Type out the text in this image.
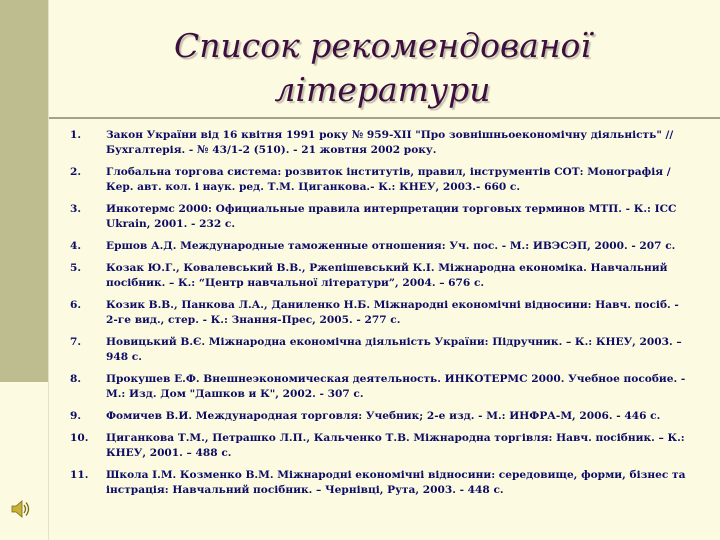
Список рекомендованої
літератури
1.	Закон України від 16 квітня 1991 року № 959-XII "Про зовнішньоекономічну діяльність" // Бухгалтерія. - № 43/1-2 (510). - 21 жовтня 2002 року.
2.	Глобальна торгова система: розвиток інститутів, правил, інструментів СОТ: Монографія / Кер. авт. кол. і наук. ред. Т.М. Циганкова.- К.: КНЕУ, 2003.- 660 с.
3.	Инкотермс 2000: Официальные правила интерпретации торговых терминов МТП. - К.: ICC Ukrain, 2001. - 232 с.
4.	Ершов А.Д. Международные таможенные отношения: Уч. пос. - М.: ИВЭСЭП, 2000. - 207 с.
5.	Козак Ю.Г., Ковалевський В.В., Ржепішевський К.І. Міжнародна економіка. Навчальний посібник. – К.: “Центр навчальної літератури”, 2004. – 676 с.
6.	Козик В.В., Панкова Л.А., Даниленко Н.Б. Міжнародні економічні відносини: Навч. посіб. - 2-ге вид., стер. - К.: Знання-Прес, 2005. - 277 с.
7.	Новицький В.Є. Міжнародна економічна діяльність України: Підручник. – К.: КНЕУ, 2003. – 948 с.
8.	Прокушев Е.Ф. Внешнеэкономическая деятельность. ИНКОТЕРМС 2000. Учебное пособие. - М.: Изд. Дом "Дашков и К", 2002. - 307 с.
9.	Фомичев В.И. Международная торговля: Учебник; 2-е изд. - М.: ИНФРА-М, 2006. - 446 с.
10.	Циганкова Т.М., Петрашко Л.П., Кальченко Т.В. Міжнародна торгівля: Навч. посібник. – К.: КНЕУ, 2001. – 488 с.
11.	Школа І.М. Козменко В.М. Міжнародні економічні відносини: середовище, форми, бізнес та інстрація: Навчальний посібник. – Чернівці, Рута, 2003. - 448 с.
